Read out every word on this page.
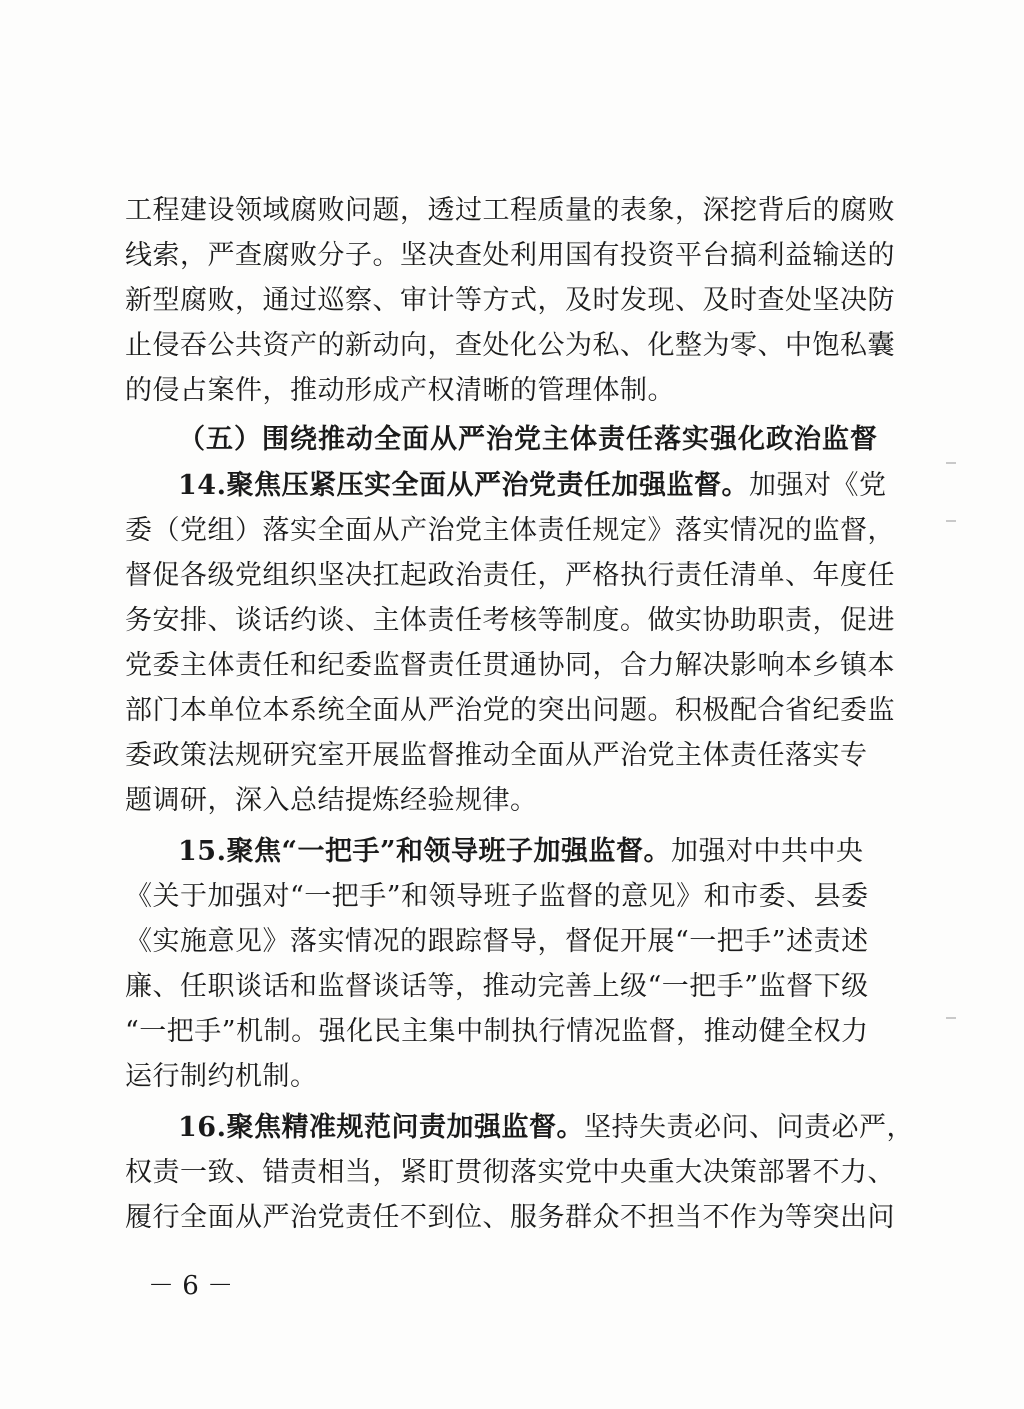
工程建设领域腐败问题，透过工程质量的表象，深挖背后的腐败
线索，严查腐败分子。坚决查处利用国有投资平台搞利益输送的
新型腐败，通过巡察、审计等方式，及时发现、及时查处坚决防
止侵吞公共资产的新动向，查处化公为私、化整为零、中饱私囊
的侵占案件，推动形成产权清晰的管理体制。
（五）围绕推动全面从严治党主体责任落实强化政治监督
14.聚焦压紧压实全面从严治党责任加强监督。加强对《党
委（党组）落实全面从产治党主体责任规定》落实情况的监督，
督促各级党组织坚决扛起政治责任，严格执行责任清单、年度任
务安排、谈话约谈、主体责任考核等制度。做实协助职责，促进
党委主体责任和纪委监督责任贯通协同，合力解决影响本乡镇本
部门本单位本系统全面从严治党的突出问题。积极配合省纪委监
委政策法规研究室开展监督推动全面从严治党主体责任落实专
题调研，深入总结提炼经验规律。
15.聚焦“一把手”和领导班子加强监督。加强对中共中央
《关于加强对“一把手”和领导班子监督的意见》和市委、县委
《实施意见》落实情况的跟踪督导，督促开展“一把手”述责述
廉、任职谈话和监督谈话等，推动完善上级“一把手”监督下级
“一把手”机制。强化民主集中制执行情况监督，推动健全权力
运行制约机制。
16.聚焦精准规范问责加强监督。坚持失责必问、问责必严，
权责一致、错责相当，紧盯贯彻落实党中央重大决策部署不力、
履行全面从严治党责任不到位、服务群众不担当不作为等突出问
－ 6 －
